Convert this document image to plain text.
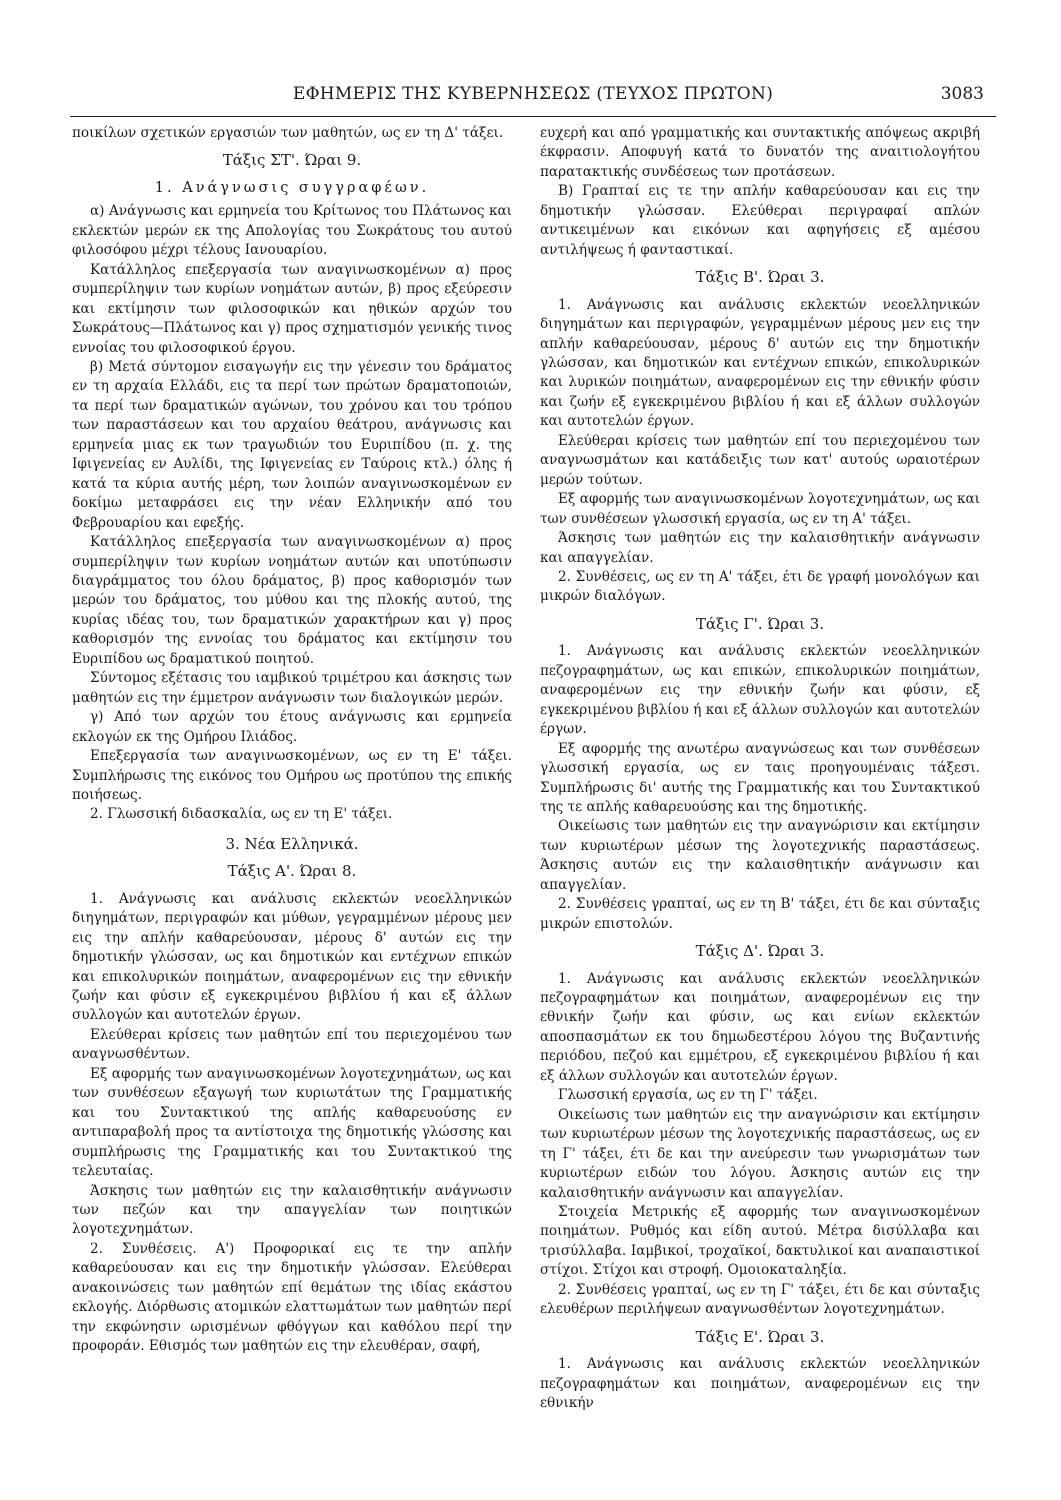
ΕΦΗΜΕΡΙΣ ΤΗΣ ΚΥΒΕΡΝΗΣΕΩΣ (ΤΕΥΧΟΣ ΠΡΩΤΟΝ)	3083

ποικίλων σχετικών εργασιών των μαθητών, ως εν τη Δ' τάξει.

Τάξις ΣΤ'. Ώραι 9.

1. Ανάγνωσις συγγραφέων.

α) Ανάγνωσις και ερμηνεία του Κρίτωνος του Πλάτωνος και εκλεκτών μερών εκ της Απολογίας του Σωκράτους του αυτού φιλοσόφου μέχρι τέλους Ιανουαρίου.

Κατάλληλος επεξεργασία των αναγινωσκομένων α) προς συμπερίληψιν των κυρίων νοημάτων αυτών, β) προς εξεύρεσιν και εκτίμησιν των φιλοσοφικών και ηθικών αρχών του Σωκράτους—Πλάτωνος και γ) προς σχηματισμόν γενικής τινος εννοίας του φιλοσοφικού έργου.

β) Μετά σύντομον εισαγωγήν εις την γένεσιν του δράματος εν τη αρχαία Ελλάδι, εις τα περί των πρώτων δραματοποιών, τα περί των δραματικών αγώνων, του χρόνου και του τρόπου των παραστάσεων και του αρχαίου θεάτρου, ανάγνωσις και ερμηνεία μιας εκ των τραγωδιών του Ευριπίδου (π. χ. της Ιφιγενείας εν Αυλίδι, της Ιφιγενείας εν Ταύροις κτλ.) όλης ή κατά τα κύρια αυτής μέρη, των λοιπών αναγινωσκομένων εν δοκίμω μεταφράσει εις την νέαν Ελληνικήν από του Φεβρουαρίου και εφεξής.

Κατάλληλος επεξεργασία των αναγινωσκομένων α) προς συμπερίληψιν των κυρίων νοημάτων αυτών και υποτύπωσιν διαγράμματος του όλου δράματος, β) προς καθορισμόν των μερών του δράματος, του μύθου και της πλοκής αυτού, της κυρίας ιδέας του, των δραματικών χαρακτήρων και γ) προς καθορισμόν της εννοίας του δράματος και εκτίμησιν του Ευριπίδου ως δραματικού ποιητού.

Σύντομος εξέτασις του ιαμβικού τριμέτρου και άσκησις των μαθητών εις την έμμετρον ανάγνωσιν των διαλογικών μερών.

γ) Από των αρχών του έτους ανάγνωσις και ερμηνεία εκλογών εκ της Ομήρου Ιλιάδος.

Επεξεργασία των αναγινωσκομένων, ως εν τη Ε' τάξει. Συμπλήρωσις της εικόνος του Ομήρου ως προτύπου της επικής ποιήσεως.

2. Γλωσσική διδασκαλία, ως εν τη Ε' τάξει.

3. Νέα Ελληνικά.

Τάξις Α'. Ώραι 8.

1. Ανάγνωσις και ανάλυσις εκλεκτών νεοελληνικών διηγημάτων, περιγραφών και μύθων, γεγραμμένων μέρους μεν εις την απλήν καθαρεύουσαν, μέρους δ' αυτών εις την δημοτικήν γλώσσαν, ως και δημοτικών και εντέχνων επικών και επικολυρικών ποιημάτων, αναφερομένων εις την εθνικήν ζωήν και φύσιν εξ εγκεκριμένου βιβλίου ή και εξ άλλων συλλογών και αυτοτελών έργων.

Ελεύθεραι κρίσεις των μαθητών επί του περιεχομένου των αναγνωσθέντων.

Εξ αφορμής των αναγινωσκομένων λογοτεχνημάτων, ως και των συνθέσεων εξαγωγή των κυριωτάτων της Γραμματικής και του Συντακτικού της απλής καθαρευούσης εν αντιπαραβολή προς τα αντίστοιχα της δημοτικής γλώσσης και συμπλήρωσις της Γραμματικής και του Συντακτικού της τελευταίας.

Άσκησις των μαθητών εις την καλαισθητικήν ανάγνωσιν των πεζών και την απαγγελίαν των ποιητικών λογοτεχνημάτων.

2. Συνθέσεις. Α') Προφορικαί εις τε την απλήν καθαρεύουσαν και εις την δημοτικήν γλώσσαν. Ελεύθεραι ανακοινώσεις των μαθητών επί θεμάτων της ιδίας εκάστου εκλογής. Διόρθωσις ατομικών ελαττωμάτων των μαθητών περί την εκφώνησιν ωρισμένων φθόγγων και καθόλου περί την προφοράν. Εθισμός των μαθητών εις την ελευθέραν, σαφή,

ευχερή και από γραμματικής και συντακτικής απόψεως ακριβή έκφρασιν. Αποφυγή κατά το δυνατόν της αναιτιολογήτου παρατακτικής συνδέσεως των προτάσεων.

Β) Γραπταί εις τε την απλήν καθαρεύουσαν και εις την δημοτικήν γλώσσαν. Ελεύθεραι περιγραφαί απλών αντικειμένων και εικόνων και αφηγήσεις εξ αμέσου αντιλήψεως ή φανταστικαί.

Τάξις Β'. Ώραι 3.

1. Ανάγνωσις και ανάλυσις εκλεκτών νεοελληνικών διηγημάτων και περιγραφών, γεγραμμένων μέρους μεν εις την απλήν καθαρεύουσαν, μέρους δ' αυτών εις την δημοτικήν γλώσσαν, και δημοτικών και εντέχνων επικών, επικολυρικών και λυρικών ποιημάτων, αναφερομένων εις την εθνικήν φύσιν και ζωήν εξ εγκεκριμένου βιβλίου ή και εξ άλλων συλλογών και αυτοτελών έργων.

Ελεύθεραι κρίσεις των μαθητών επί του περιεχομένου των αναγνωσμάτων και κατάδειξις των κατ' αυτούς ωραιοτέρων μερών τούτων.

Εξ αφορμής των αναγινωσκομένων λογοτεχνημάτων, ως και των συνθέσεων γλωσσική εργασία, ως εν τη Α' τάξει.

Άσκησις των μαθητών εις την καλαισθητικήν ανάγνωσιν και απαγγελίαν.

2. Συνθέσεις, ως εν τη Α' τάξει, έτι δε γραφή μονολόγων και μικρών διαλόγων.

Τάξις Γ'. Ώραι 3.

1. Ανάγνωσις και ανάλυσις εκλεκτών νεοελληνικών πεζογραφημάτων, ως και επικών, επικολυρικών ποιημάτων, αναφερομένων εις την εθνικήν ζωήν και φύσιν, εξ εγκεκριμένου βιβλίου ή και εξ άλλων συλλογών και αυτοτελών έργων.

Εξ αφορμής της ανωτέρω αναγνώσεως και των συνθέσεων γλωσσική εργασία, ως εν ταις προηγουμέναις τάξεσι. Συμπλήρωσις δι' αυτής της Γραμματικής και του Συντακτικού της τε απλής καθαρευούσης και της δημοτικής.

Οικείωσις των μαθητών εις την αναγνώρισιν και εκτίμησιν των κυριωτέρων μέσων της λογοτεχνικής παραστάσεως. Άσκησις αυτών εις την καλαισθητικήν ανάγνωσιν και απαγγελίαν.

2. Συνθέσεις γραπταί, ως εν τη Β' τάξει, έτι δε και σύνταξις μικρών επιστολών.

Τάξις Δ'. Ώραι 3.

1. Ανάγνωσις και ανάλυσις εκλεκτών νεοελληνικών πεζογραφημάτων και ποιημάτων, αναφερομένων εις την εθνικήν ζωήν και φύσιν, ως και ενίων εκλεκτών αποσπασμάτων εκ του δημωδεστέρου λόγου της Βυζαντινής περιόδου, πεζού και εμμέτρου, εξ εγκεκριμένου βιβλίου ή και εξ άλλων συλλογών και αυτοτελών έργων.

Γλωσσική εργασία, ως εν τη Γ' τάξει.

Οικείωσις των μαθητών εις την αναγνώρισιν και εκτίμησιν των κυριωτέρων μέσων της λογοτεχνικής παραστάσεως, ως εν τη Γ' τάξει, έτι δε και την ανεύρεσιν των γνωρισμάτων των κυριωτέρων ειδών του λόγου. Άσκησις αυτών εις την καλαισθητικήν ανάγνωσιν και απαγγελίαν.

Στοιχεία Μετρικής εξ αφορμής των αναγινωσκομένων ποιημάτων. Ρυθμός και είδη αυτού. Μέτρα δισύλλαβα και τρισύλλαβα. Ιαμβικοί, τροχαϊκοί, δακτυλικοί και αναπαιστικοί στίχοι. Στίχοι και στροφή. Ομοιοκαταληξία.

2. Συνθέσεις γραπταί, ως εν τη Γ' τάξει, έτι δε και σύνταξις ελευθέρων περιλήψεων αναγνωσθέντων λογοτεχνημάτων.

Τάξις Ε'. Ώραι 3.

1. Ανάγνωσις και ανάλυσις εκλεκτών νεοελληνικών πεζογραφημάτων και ποιημάτων, αναφερομένων εις την εθνικήν
